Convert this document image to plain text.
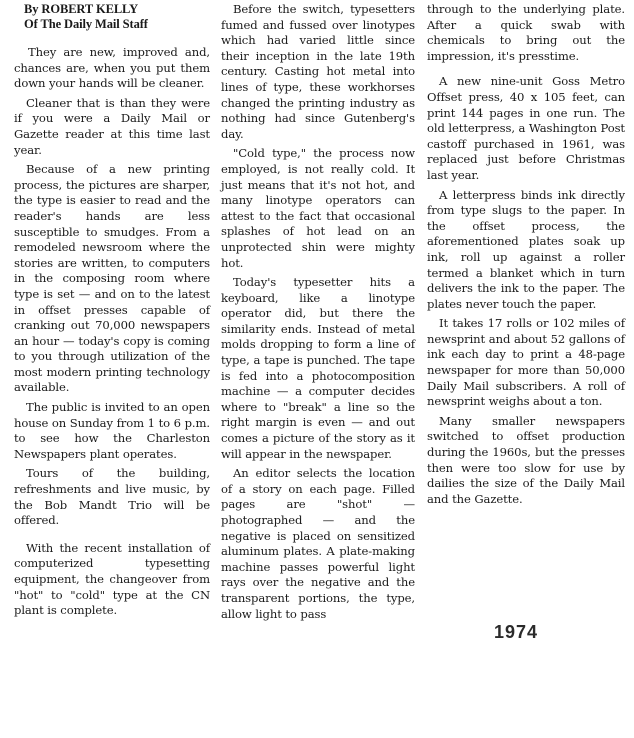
By ROBERT KELLY
Of The Daily Mail Staff

They are new, improved and, chances are, when you put them down your hands will be cleaner.

Cleaner that is than they were if you were a Daily Mail or Gazette reader at this time last year.

Because of a new printing process, the pictures are sharper, the type is easier to read and the reader's hands are less susceptible to smudges. From a remodeled newsroom where the stories are written, to computers in the composing room where type is set — and on to the latest in offset presses capable of cranking out 70,000 newspapers an hour — today's copy is coming to you through utilization of the most modern printing technology available.

The public is invited to an open house on Sunday from 1 to 6 p.m. to see how the Charleston Newspapers plant operates.

Tours of the building, refreshments and live music, by the Bob Mandt Trio will be offered.

With the recent installation of computerized typesetting equipment, the changeover from "hot" to "cold" type at the CN plant is complete.

Before the switch, typesetters fumed and fussed over linotypes which had varied little since their inception in the late 19th century. Casting hot metal into lines of type, these workhorses changed the printing industry as nothing had since Gutenberg's day.

"Cold type," the process now employed, is not really cold. It just means that it's not hot, and many linotype operators can attest to the fact that occasional splashes of hot lead on an unprotected shin were mighty hot.

Today's typesetter hits a keyboard, like a linotype operator did, but there the similarity ends. Instead of metal molds dropping to form a line of type, a tape is punched. The tape is fed into a photocomposition machine — a computer decides where to "break" a line so the right margin is even — and out comes a picture of the story as it will appear in the newspaper.

An editor selects the location of a story on each page. Filled pages are "shot" — photographed — and the negative is placed on sensitized aluminum plates. A plate-making machine passes powerful light rays over the negative and the transparent portions, the type, allow light to pass

through to the underlying plate. After a quick swab with chemicals to bring out the impression, it's presstime.

A new nine-unit Goss Metro Offset press, 40 x 105 feet, can print 144 pages in one run. The old letterpress, a Washington Post castoff purchased in 1961, was replaced just before Christmas last year.

A letterpress binds ink directly from type slugs to the paper. In the offset process, the aforementioned plates soak up ink, roll up against a roller termed a blanket which in turn delivers the ink to the paper. The plates never touch the paper.

It takes 17 rolls or 102 miles of newsprint and about 52 gallons of ink each day to print a 48-page newspaper for more than 50,000 Daily Mail subscribers. A roll of newsprint weighs about a ton.

Many smaller newspapers switched to offset production during the 1960s, but the presses then were too slow for use by dailies the size of the Daily Mail and the Gazette.

1974
